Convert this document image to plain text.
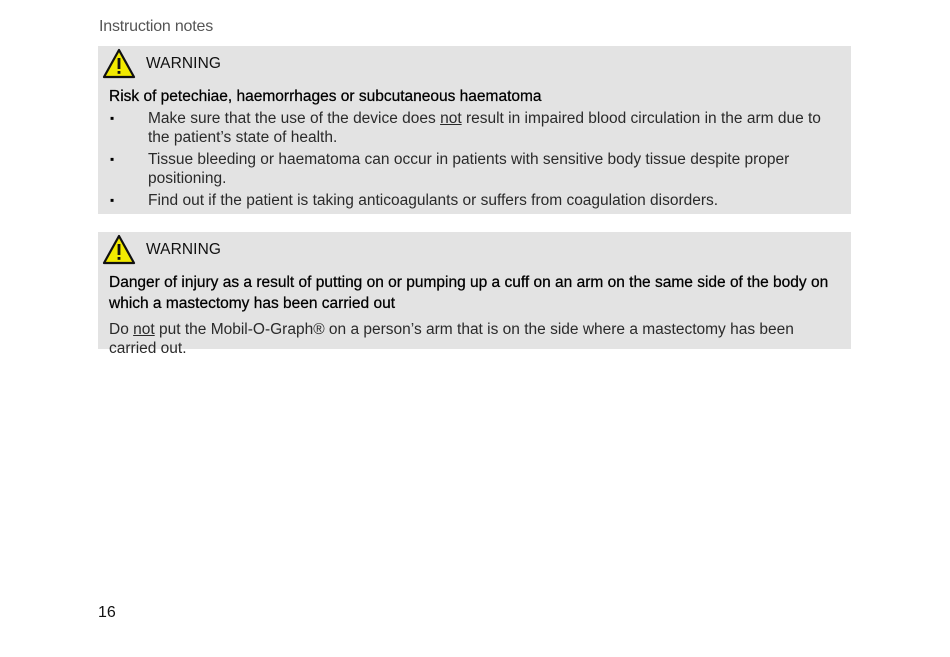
Instruction notes
WARNING
Risk of petechiae, haemorrhages or subcutaneous haematoma
▪ Make sure that the use of the device does not result in impaired blood circulation in the arm due to the patient’s state of health.
▪ Tissue bleeding or haematoma can occur in patients with sensitive body tissue despite proper positioning.
▪ Find out if the patient is taking anticoagulants or suffers from coagulation disorders.
WARNING
Danger of injury as a result of putting on or pumping up a cuff on an arm on the same side of the body on which a mastectomy has been carried out
Do not put the Mobil-O-Graph® on a person’s arm that is on the side where a mastectomy has been carried out.
16
